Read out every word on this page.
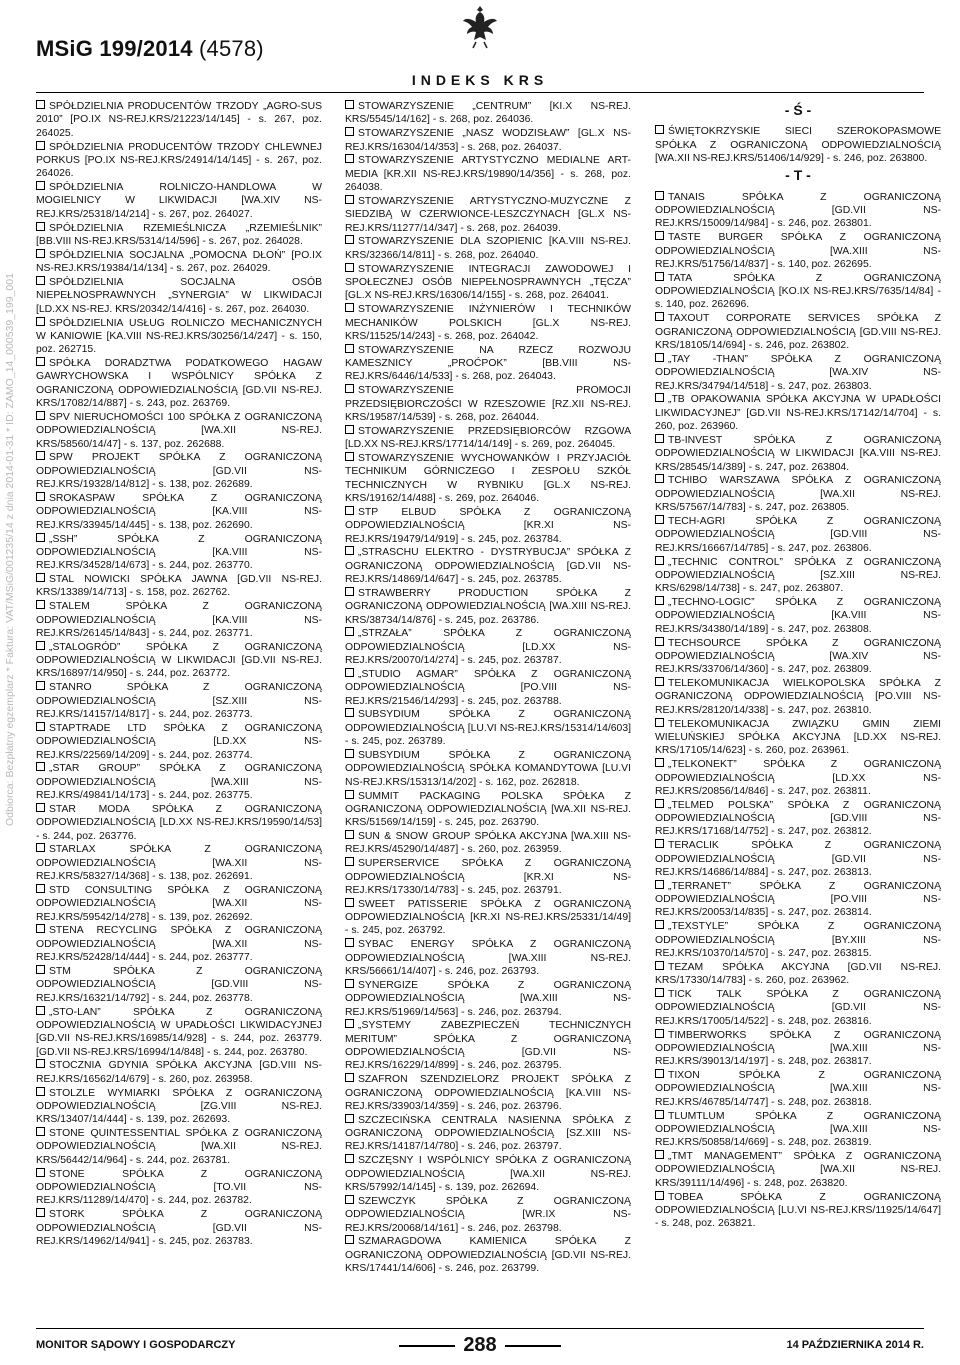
MSiG 199/2014 (4578)
INDEKS KRS
Odbiorca: Bezpłatny egzemplarz * Faktura: VAT/MSiG/001235/14 z dnia 2014-01-31 * ID: ZAMO_14_000539_199_001

SPÓŁDZIELNIA PRODUCENTÓW TRZODY „AGRO-SUS 2010” [PO.IX NS-REJ.KRS/21223/14/145] - s. 267, poz. 264025.

SPÓŁDZIELNIA PRODUCENTÓW TRZODY CHLEWNEJ PORKUS [PO.IX NS-REJ.KRS/24914/14/145] - s. 267, poz. 264026.

SPÓŁDZIELNIA ROLNICZO-HANDLOWA W MOGIELNICY W LIKWIDACJI [WA.XIV NS-REJ.KRS/25318/14/214] - s. 267, poz. 264027.

SPÓŁDZIELNIA RZEMIEŚLNICZA „RZEMIEŚLNIK” [BB.VIII NS-REJ.KRS/5314/14/596] - s. 267, poz. 264028.

SPÓŁDZIELNIA SOCJALNA „POMOCNA DŁOŃ” [PO.IX NS-REJ.KRS/19384/14/134] - s. 267, poz. 264029.

SPÓŁDZIELNIA SOCJALNA OSÓB NIEPEŁNOSPRAWNYCH „SYNERGIA” W LIKWIDACJI [LD.XX NS-REJ. KRS/20342/14/416] - s. 267, poz. 264030.

SPÓŁDZIELNIA USŁUG ROLNICZO MECHANICZNYCH W KANIOWIE [KA.VIII NS-REJ.KRS/30256/14/247] - s. 150, poz. 262715.

SPÓŁKA DORADZTWA PODATKOWEGO HAGAW GAWRYCHOWSKA I WSPÓLNICY SPÓŁKA Z OGRANICZONĄ ODPOWIEDZIALNOŚCIĄ [GD.VII NS-REJ. KRS/17082/14/887] - s. 243, poz. 263769.

SPV NIERUCHOMOŚCI 100 SPÓŁKA Z OGRANICZONĄ ODPOWIEDZIALNOŚCIĄ [WA.XII NS-REJ. KRS/58560/14/47] - s. 137, poz. 262688.

SPW PROJEKT SPÓŁKA Z OGRANICZONĄ ODPOWIEDZIALNOŚCIĄ [GD.VII NS-REJ.KRS/19328/14/812] - s. 138, poz. 262689.

SROKASPAW SPÓŁKA Z OGRANICZONĄ ODPOWIEDZIALNOŚCIĄ [KA.VIII NS-REJ.KRS/33945/14/445] - s. 138, poz. 262690.

„SSH” SPÓŁKA Z OGRANICZONĄ ODPOWIEDZIALNOŚCIĄ [KA.VIII NS-REJ.KRS/34528/14/673] - s. 244, poz. 263770.

STAL NOWICKI SPÓŁKA JAWNA [GD.VII NS-REJ. KRS/13389/14/713] - s. 158, poz. 262762.

STALEM SPÓŁKA Z OGRANICZONĄ ODPOWIEDZIALNOŚCIĄ [KA.VIII NS-REJ.KRS/26145/14/843] - s. 244, poz. 263771.

„STALOGRÓD” SPÓŁKA Z OGRANICZONĄ ODPOWIEDZIALNOŚCIĄ W LIKWIDACJI [GD.VII NS-REJ. KRS/16897/14/950] - s. 244, poz. 263772.

STANRO SPÓŁKA Z OGRANICZONĄ ODPOWIEDZIALNOŚCIĄ [SZ.XIII NS-REJ.KRS/14157/14/817] - s. 244, poz. 263773.

STAPTRADE LTD SPÓŁKA Z OGRANICZONĄ ODPOWIEDZIALNOŚCIĄ [LD.XX NS-REJ.KRS/22569/14/209] - s. 244, poz. 263774.

„STAR GROUP” SPÓŁKA Z OGRANICZONĄ ODPOWIEDZIALNOŚCIĄ [WA.XIII NS-REJ.KRS/49841/14/173] - s. 244, poz. 263775.

STAR MODA SPÓŁKA Z OGRANICZONĄ ODPOWIEDZIALNOŚCIĄ [LD.XX NS-REJ.KRS/19590/14/53] - s. 244, poz. 263776.

STARLAX SPÓŁKA Z OGRANICZONĄ ODPOWIEDZIALNOŚCIĄ [WA.XII NS-REJ.KRS/58327/14/368] - s. 138, poz. 262691.

STD CONSULTING SPÓŁKA Z OGRANICZONĄ ODPOWIEDZIALNOŚCIĄ [WA.XII NS-REJ.KRS/59542/14/278] - s. 139, poz. 262692.

STENA RECYCLING SPÓŁKA Z OGRANICZONĄ ODPOWIEDZIALNOŚCIĄ [WA.XII NS-REJ.KRS/52428/14/444] - s. 244, poz. 263777.

STM SPÓŁKA Z OGRANICZONĄ ODPOWIEDZIALNOŚCIĄ [GD.VIII NS-REJ.KRS/16321/14/792] - s. 244, poz. 263778.

„STO-LAN” SPÓŁKA Z OGRANICZONĄ ODPOWIEDZIALNOŚCIĄ W UPADŁOŚCI LIKWIDACYJNEJ [GD.VII NS-REJ.KRS/16985/14/928] - s. 244, poz. 263779. [GD.VII NS-REJ.KRS/16994/14/848] - s. 244, poz. 263780.

STOCZNIA GDYNIA SPÓŁKA AKCYJNA [GD.VIII NS-REJ.KRS/16562/14/679] - s. 260, poz. 263958.

STOLZLE WYMIARKI SPÓŁKA Z OGRANICZONĄ ODPOWIEDZIALNOŚCIĄ [ZG.VIII NS-REJ. KRS/13407/14/444] - s. 139, poz. 262693.

STONE QUINTESSENTIAL SPÓŁKA Z OGRANICZONĄ ODPOWIEDZIALNOŚCIĄ [WA.XII NS-REJ. KRS/56442/14/964] - s. 244, poz. 263781.

STONE SPÓŁKA Z OGRANICZONĄ ODPOWIEDZIALNOŚCIĄ [TO.VII NS-REJ.KRS/11289/14/470] - s. 244, poz. 263782.

STORK SPÓŁKA Z OGRANICZONĄ ODPOWIEDZIALNOŚCIĄ [GD.VII NS-REJ.KRS/14962/14/941] - s. 245, poz. 263783.

STOWARZYSZENIE „CENTRUM” [KI.X NS-REJ. KRS/5545/14/162] - s. 268, poz. 264036.

STOWARZYSZENIE „NASZ WODZISŁAW” [GL.X NS-REJ.KRS/16304/14/353] - s. 268, poz. 264037.

STOWARZYSZENIE ARTYSTYCZNO MEDIALNE ART-MEDIA [KR.XII NS-REJ.KRS/19890/14/356] - s. 268, poz. 264038.

STOWARZYSZENIE ARTYSTYCZNO-MUZYCZNE Z SIEDZIBĄ W CZERWIONCE-LESZCZYNACH [GL.X NS-REJ.KRS/11277/14/347] - s. 268, poz. 264039.

STOWARZYSZENIE DLA SZOPIENIC [KA.VIII NS-REJ. KRS/32366/14/811] - s. 268, poz. 264040.

STOWARZYSZENIE INTEGRACJI ZAWODOWEJ I SPOŁECZNEJ OSÓB NIEPEŁNOSPRAWNYCH „TĘCZA” [GL.X NS-REJ.KRS/16306/14/155] - s. 268, poz. 264041.

STOWARZYSZENIE INŻYNIERÓW I TECHNIKÓW MECHANIKÓW POLSKICH [GL.X NS-REJ. KRS/11525/14/243] - s. 268, poz. 264042.

STOWARZYSZENIE NA RZECZ ROZWOJU KAMESZNICY „PROĆPOK” [BB.VIII NS-REJ.KRS/6446/14/533] - s. 268, poz. 264043.

STOWARZYSZENIE PROMOCJI PRZEDSIĘBIORCZOŚCI W RZESZOWIE [RZ.XII NS-REJ. KRS/19587/14/539] - s. 268, poz. 264044.

STOWARZYSZENIE PRZEDSIĘBIORCÓW RZGOWA [LD.XX NS-REJ.KRS/17714/14/149] - s. 269, poz. 264045.

STOWARZYSZENIE WYCHOWANKÓW I PRZYJACIÓŁ TECHNIKUM GÓRNICZEGO I ZESPOŁU SZKÓŁ TECHNICZNYCH W RYBNIKU [GL.X NS-REJ. KRS/19162/14/488] - s. 269, poz. 264046.

STP ELBUD SPÓŁKA Z OGRANICZONĄ ODPOWIEDZIALNOŚCIĄ [KR.XI NS-REJ.KRS/19479/14/919] - s. 245, poz. 263784.

„STRASCHU ELEKTRO - DYSTRYBUCJA” SPÓŁKA Z OGRANICZONĄ ODPOWIEDZIALNOŚCIĄ [GD.VII NS-REJ.KRS/14869/14/647] - s. 245, poz. 263785.

STRAWBERRY PRODUCTION SPÓŁKA Z OGRANICZONĄ ODPOWIEDZIALNOŚCIĄ [WA.XIII NS-REJ. KRS/38734/14/876] - s. 245, poz. 263786.

„STRZAŁA” SPÓŁKA Z OGRANICZONĄ ODPOWIEDZIALNOŚCIĄ [LD.XX NS-REJ.KRS/20070/14/274] - s. 245, poz. 263787.

„STUDIO AGMAR” SPÓŁKA Z OGRANICZONĄ ODPOWIEDZIALNOŚCIĄ [PO.VIII NS-REJ.KRS/21546/14/293] - s. 245, poz. 263788.

SUBSYDIUM SPÓŁKA Z OGRANICZONĄ ODPOWIEDZIALNOŚCIĄ [LU.VI NS-REJ.KRS/15314/14/603] - s. 245, poz. 263789.

SUBSYDIUM SPÓŁKA Z OGRANICZONĄ ODPOWIEDZIALNOŚCIĄ SPÓŁKA KOMANDYTOWA [LU.VI NS-REJ.KRS/15313/14/202] - s. 162, poz. 262818.

SUMMIT PACKAGING POLSKA SPÓŁKA Z OGRANICZONĄ ODPOWIEDZIALNOŚCIĄ [WA.XII NS-REJ. KRS/51569/14/159] - s. 245, poz. 263790.

SUN & SNOW GROUP SPÓŁKA AKCYJNA [WA.XIII NS-REJ.KRS/45290/14/487] - s. 260, poz. 263959.

SUPERSERVICE SPÓŁKA Z OGRANICZONĄ ODPOWIEDZIALNOŚCIĄ [KR.XI NS-REJ.KRS/17330/14/783] - s. 245, poz. 263791.

SWEET PATISSERIE SPÓŁKA Z OGRANICZONĄ ODPOWIEDZIALNOŚCIĄ [KR.XI NS-REJ.KRS/25331/14/49] - s. 245, poz. 263792.

SYBAC ENERGY SPÓŁKA Z OGRANICZONĄ ODPOWIEDZIALNOŚCIĄ [WA.XIII NS-REJ. KRS/56661/14/407] - s. 246, poz. 263793.

SYNERGIZE SPÓŁKA Z OGRANICZONĄ ODPOWIEDZIALNOŚCIĄ [WA.XIII NS-REJ.KRS/51969/14/563] - s. 246, poz. 263794.

„SYSTEMY ZABEZPIECZEŃ TECHNICZNYCH MERITUM” SPÓŁKA Z OGRANICZONĄ ODPOWIEDZIALNOŚCIĄ [GD.VII NS-REJ.KRS/16229/14/899] - s. 246, poz. 263795.

SZAFRON SZENDZIELORZ PROJEKT SPÓŁKA Z OGRANICZONĄ ODPOWIEDZIALNOŚCIĄ [KA.VIII NS-REJ.KRS/33903/14/359] - s. 246, poz. 263796.

SZCZECIŃSKA CENTRALA NASIENNA SPÓŁKA Z OGRANICZONĄ ODPOWIEDZIALNOŚCIĄ [SZ.XIII NS-REJ.KRS/14187/14/780] - s. 246, poz. 263797.

SZCZĘSNY I WSPÓLNICY SPÓŁKA Z OGRANICZONĄ ODPOWIEDZIALNOŚCIĄ [WA.XII NS-REJ. KRS/57992/14/145] - s. 139, poz. 262694.

SZEWCZYK SPÓŁKA Z OGRANICZONĄ ODPOWIEDZIALNOŚCIĄ [WR.IX NS-REJ.KRS/20068/14/161] - s. 246, poz. 263798.

SZMARAGDOWA KAMIENICA SPÓŁKA Z OGRANICZONĄ ODPOWIEDZIALNOŚCIĄ [GD.VII NS-REJ. KRS/17441/14/606] - s. 246, poz. 263799.

- Ś -

ŚWIĘTOKRZYSKIE SIECI SZEROKOPASMOWE SPÓŁKA Z OGRANICZONĄ ODPOWIEDZIALNOŚCIĄ [WA.XII NS-REJ.KRS/51406/14/929] - s. 246, poz. 263800.

- T -

TANAIS SPÓŁKA Z OGRANICZONĄ ODPOWIEDZIALNOŚCIĄ [GD.VII NS-REJ.KRS/15009/14/984] - s. 246, poz. 263801.

TASTE BURGER SPÓŁKA Z OGRANICZONĄ ODPOWIEDZIALNOŚCIĄ [WA.XIII NS-REJ.KRS/51756/14/837] - s. 140, poz. 262695.

TATA SPÓŁKA Z OGRANICZONĄ ODPOWIEDZIALNOŚCIĄ [KO.IX NS-REJ.KRS/7635/14/84] - s. 140, poz. 262696.

TAXOUT CORPORATE SERVICES SPÓŁKA Z OGRANICZONĄ ODPOWIEDZIALNOŚCIĄ [GD.VIII NS-REJ. KRS/18105/14/694] - s. 246, poz. 263802.

„TAY -THAN” SPÓŁKA Z OGRANICZONĄ ODPOWIEDZIALNOŚCIĄ [WA.XIV NS-REJ.KRS/34794/14/518] - s. 247, poz. 263803.

„TB OPAKOWANIA SPÓŁKA AKCYJNA W UPADŁOŚCI LIKWIDACYJNEJ” [GD.VII NS-REJ.KRS/17142/14/704] - s. 260, poz. 263960.

TB-INVEST SPÓŁKA Z OGRANICZONĄ ODPOWIEDZIALNOŚCIĄ W LIKWIDACJI [KA.VIII NS-REJ. KRS/28545/14/389] - s. 247, poz. 263804.

TCHIBO WARSZAWA SPÓŁKA Z OGRANICZONĄ ODPOWIEDZIALNOŚCIĄ [WA.XII NS-REJ. KRS/57567/14/783] - s. 247, poz. 263805.

TECH-AGRI SPÓŁKA Z OGRANICZONĄ ODPOWIEDZIALNOŚCIĄ [GD.VIII NS-REJ.KRS/16667/14/785] - s. 247, poz. 263806.

„TECHNIC CONTROL” SPÓŁKA Z OGRANICZONĄ ODPOWIEDZIALNOŚCIĄ [SZ.XIII NS-REJ. KRS/6298/14/738] - s. 247, poz. 263807.

„TECHNO-LOGIC” SPÓŁKA Z OGRANICZONĄ ODPOWIEDZIALNOŚCIĄ [KA.VIII NS-REJ.KRS/34380/14/189] - s. 247, poz. 263808.

TECHSOURCE SPÓŁKA Z OGRANICZONĄ ODPOWIEDZIALNOŚCIĄ [WA.XIV NS-REJ.KRS/33706/14/360] - s. 247, poz. 263809.

TELEKOMUNIKACJA WIELKOPOLSKA SPÓŁKA Z OGRANICZONĄ ODPOWIEDZIALNOŚCIĄ [PO.VIII NS-REJ.KRS/28120/14/338] - s. 247, poz. 263810.

TELEKOMUNIKACJA ZWIĄZKU GMIN ZIEMI WIELUŃSKIEJ SPÓŁKA AKCYJNA [LD.XX NS-REJ. KRS/17105/14/623] - s. 260, poz. 263961.

„TELKONEKT” SPÓŁKA Z OGRANICZONĄ ODPOWIEDZIALNOŚCIĄ [LD.XX NS-REJ.KRS/20856/14/846] - s. 247, poz. 263811.

„TELMED POLSKA” SPÓŁKA Z OGRANICZONĄ ODPOWIEDZIALNOŚCIĄ [GD.VIII NS-REJ.KRS/17168/14/752] - s. 247, poz. 263812.

TERACLIK SPÓŁKA Z OGRANICZONĄ ODPOWIEDZIALNOŚCIĄ [GD.VII NS-REJ.KRS/14686/14/884] - s. 247, poz. 263813.

„TERRANET” SPÓŁKA Z OGRANICZONĄ ODPOWIEDZIALNOŚCIĄ [PO.VIII NS-REJ.KRS/20053/14/835] - s. 247, poz. 263814.

„TEXSTYLE” SPÓŁKA Z OGRANICZONĄ ODPOWIEDZIALNOŚCIĄ [BY.XIII NS-REJ.KRS/10370/14/570] - s. 247, poz. 263815.

TEZAM SPÓŁKA AKCYJNA [GD.VII NS-REJ. KRS/17330/14/783] - s. 260, poz. 263962.

TICK TALK SPÓŁKA Z OGRANICZONĄ ODPOWIEDZIALNOŚCIĄ [GD.VII NS-REJ.KRS/17005/14/522] - s. 248, poz. 263816.

TIMBERWORKS SPÓŁKA Z OGRANICZONĄ ODPOWIEDZIALNOŚCIĄ [WA.XIII NS-REJ.KRS/39013/14/197] - s. 248, poz. 263817.

TIXON SPÓŁKA Z OGRANICZONĄ ODPOWIEDZIALNOŚCIĄ [WA.XIII NS-REJ.KRS/46785/14/747] - s. 248, poz. 263818.

TLUMTLUM SPÓŁKA Z OGRANICZONĄ ODPOWIEDZIALNOŚCIĄ [WA.XIII NS-REJ.KRS/50858/14/669] - s. 248, poz. 263819.

„TMT MANAGEMENT” SPÓŁKA Z OGRANICZONĄ ODPOWIEDZIALNOŚCIĄ [WA.XII NS-REJ. KRS/39111/14/496] - s. 248, poz. 263820.

TOBEA SPÓŁKA Z OGRANICZONĄ ODPOWIEDZIALNOŚCIĄ [LU.VI NS-REJ.KRS/11925/14/647] - s. 248, poz. 263821.

MONITOR SĄDOWY I GOSPODARCZY	288	14 PAŹDZIERNIKA 2014 R.
